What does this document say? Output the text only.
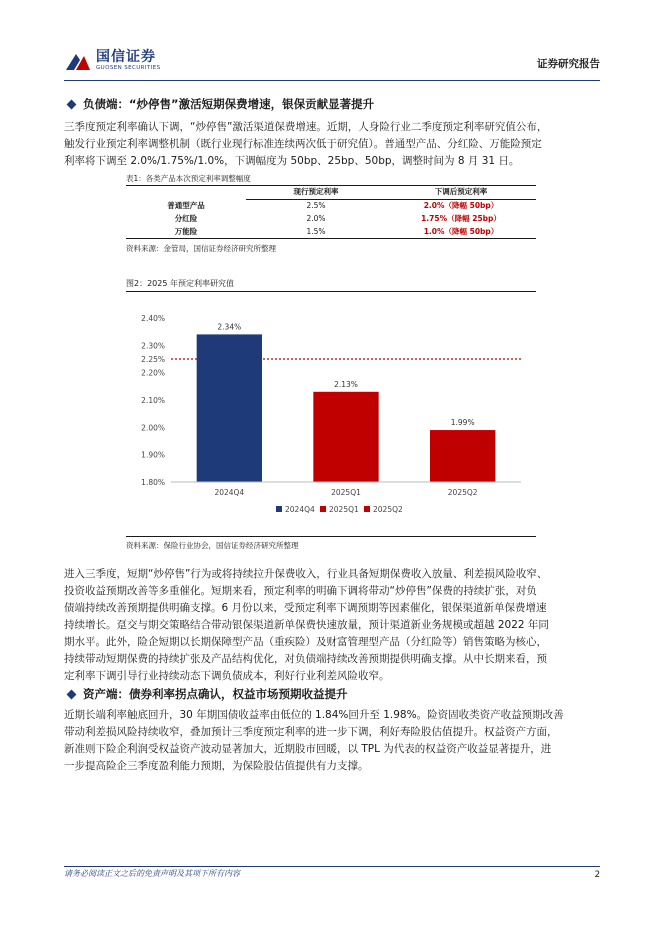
国信证券
GUOSEN SECURITIES	证券研究报告
负债端：“炒停售”激活短期保费增速，银保贡献显著提升
三季度预定利率确认下调，“炒停售”激活渠道保费增速。近期，人身险行业二季度预定利率研究值公布，
触发行业预定利率调整机制（既行业现行标准连续两次低于研究值）。普通型产品、分红险、万能险预定
利率将下调至 2.0%/1.75%/1.0%，下调幅度为 50bp、25bp、50bp，调整时间为 8 月 31 日。
表1：各类产品本次预定利率调整幅度
	现行预定利率	下调后预定利率
普通型产品	2.5%	2.0%（降幅 50bp）
分红险	2.0%	1.75%（降幅 25bp）
万能险	1.5%	1.0%（降幅 50bp）
资料来源：金管局，国信证券经济研究所整理
图2：2025 年预定利率研究值
1.80%
1.90%
2.00%
2.10%
2.20%
2.25%
2.30%
2.40%
2.34%
2024Q4
2.13%
2025Q1
1.99%
2025Q2
2024Q4 2025Q1 2025Q2
资料来源：保险行业协会，国信证券经济研究所整理
进入三季度，短期“炒停售”行为或将持续拉升保费收入，行业具备短期保费收入放量、利差损风险收窄、
投资收益预期改善等多重催化。短期来看，预定利率的明确下调将带动“炒停售”保费的持续扩张，对负
债端持续改善预期提供明确支撑。6 月份以来，受预定利率下调预期等因素催化，银保渠道新单保费增速
持续增长。趸交与期交策略结合带动银保渠道新单保费快速放量，预计渠道新业务规模或超越 2022 年同
期水平。此外，险企短期以长期保障型产品（重疾险）及财富管理型产品（分红险等）销售策略为核心，
持续带动短期保费的持续扩张及产品结构优化，对负债端持续改善预期提供明确支撑。从中长期来看，预
定利率下调引导行业持续动态下调负债成本，利好行业利差风险收窄。
资产端：债券利率拐点确认，权益市场预期收益提升
近期长端利率触底回升，30 年期国债收益率由低位的 1.84%回升至 1.98%。险资固收类资产收益预期改善
带动利差损风险持续收窄，叠加预计三季度预定利率的进一步下调，利好寿险股估值提升。权益资产方面，
新准则下险企利润受权益资产波动显著加大，近期股市回暖，以 TPL 为代表的权益资产收益显著提升，进
一步提高险企三季度盈利能力预期，为保险股估值提供有力支撑。
请务必阅读正文之后的免责声明及其项下所有内容	2
